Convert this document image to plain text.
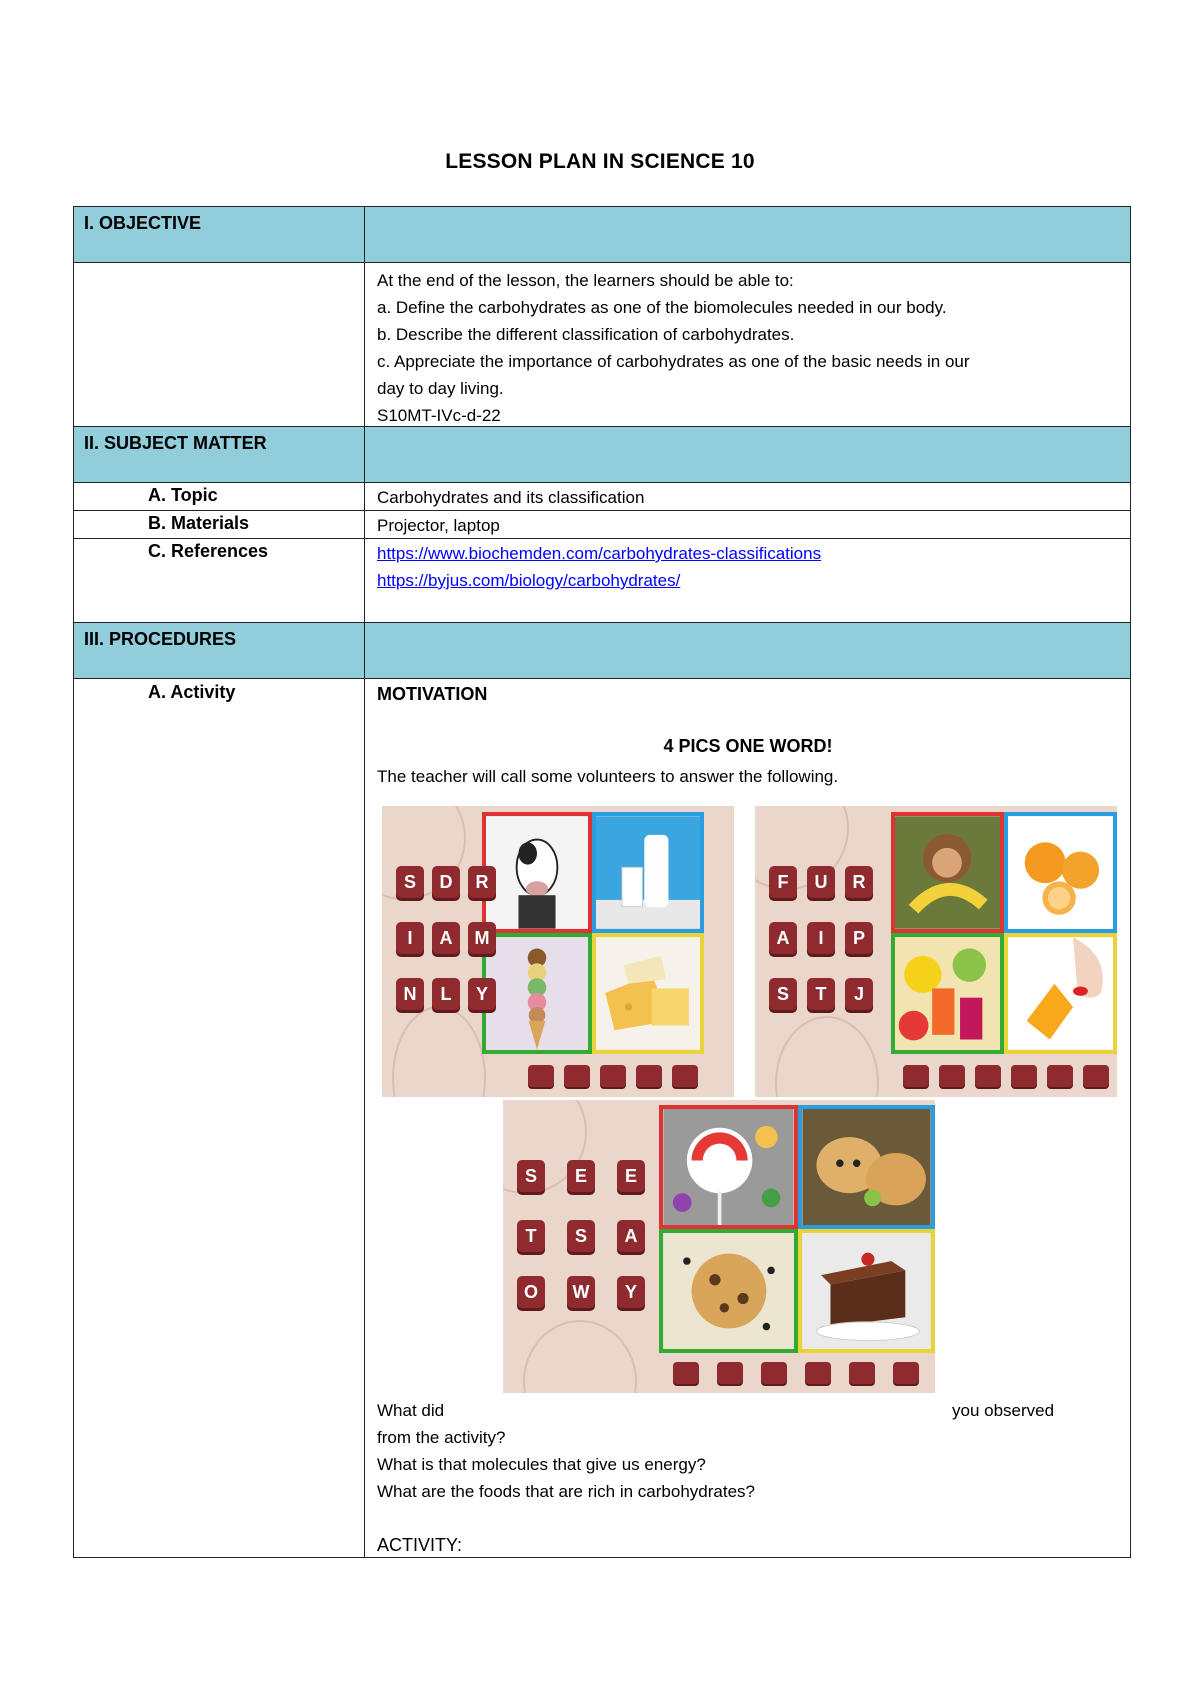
LESSON PLAN IN SCIENCE 10
I. OBJECTIVE
At the end of the lesson, the learners should be able to:
a. Define the carbohydrates as one of the biomolecules needed in our body.
b. Describe the different classification of carbohydrates.
c. Appreciate the importance of carbohydrates as one of the basic needs in our
day to day living.
S10MT-IVc-d-22
II. SUBJECT MATTER
A. Topic	Carbohydrates and its classification
B. Materials	Projector, laptop
C. References	https://www.biochemden.com/carbohydrates-classifications
https://byjus.com/biology/carbohydrates/
III. PROCEDURES
A. Activity	MOTIVATION
4 PICS ONE WORD!
The teacher will call some volunteers to answer the following.
What did	you observed
from the activity?
What is that molecules that give us energy?
What are the foods that are rich in carbohydrates?
ACTIVITY:
S	D	R
I	A	M
N	L	Y
F	U	R
A	I	P
S	T	J
S	E	E
T	S	A
O	W	Y
